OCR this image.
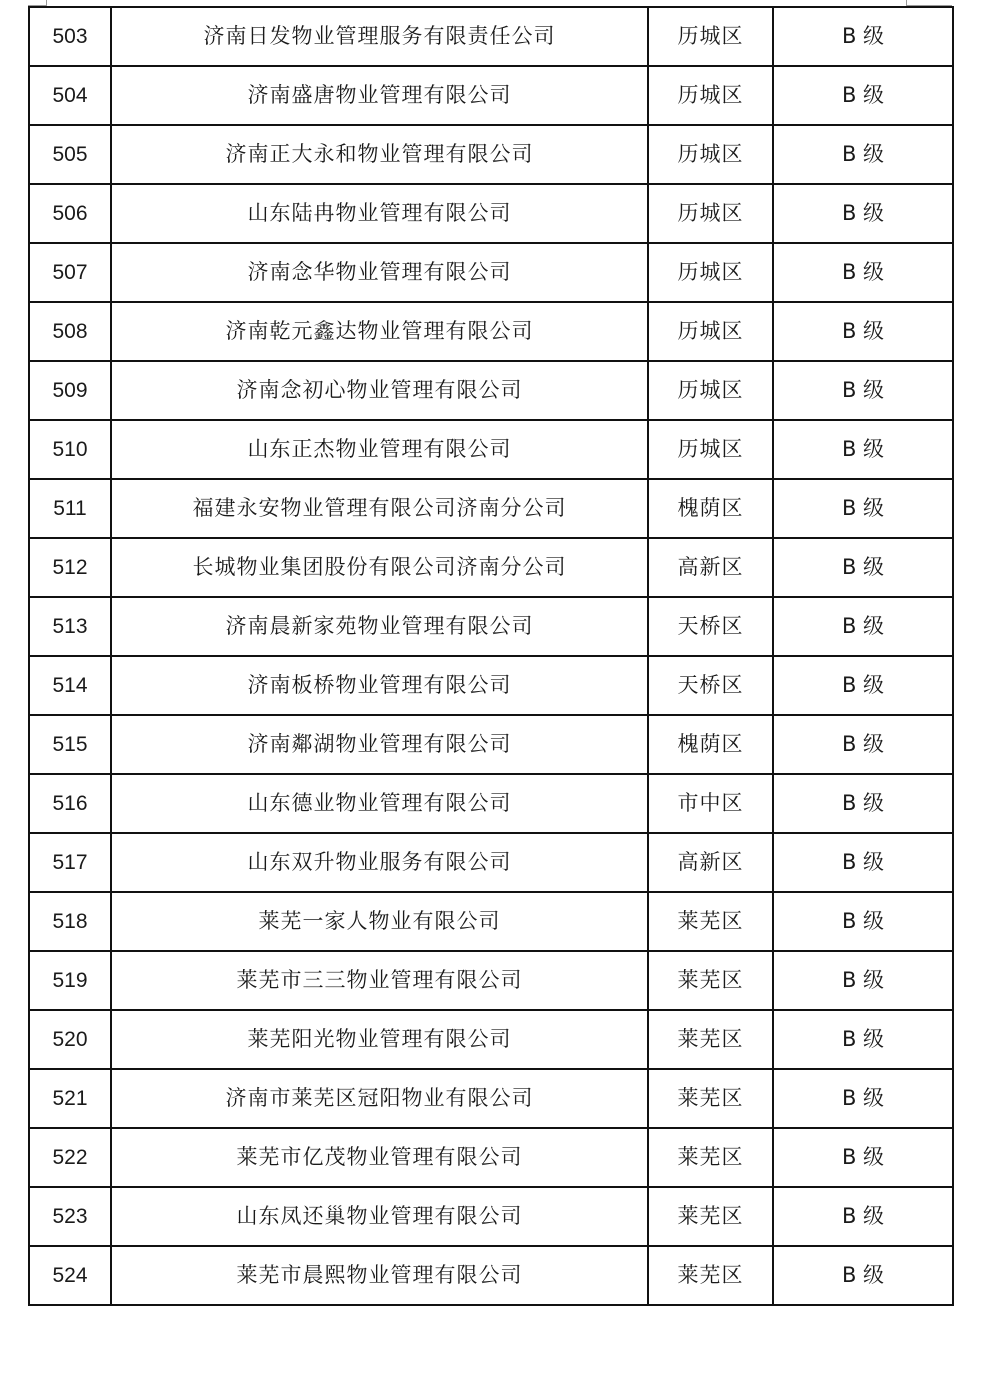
503	济南日发物业管理服务有限责任公司	历城区	B 级
504	济南盛唐物业管理有限公司	历城区	B 级
505	济南正大永和物业管理有限公司	历城区	B 级
506	山东陆冉物业管理有限公司	历城区	B 级
507	济南念华物业管理有限公司	历城区	B 级
508	济南乾元鑫达物业管理有限公司	历城区	B 级
509	济南念初心物业管理有限公司	历城区	B 级
510	山东正杰物业管理有限公司	历城区	B 级
511	福建永安物业管理有限公司济南分公司	槐荫区	B 级
512	长城物业集团股份有限公司济南分公司	高新区	B 级
513	济南晨新家苑物业管理有限公司	天桥区	B 级
514	济南板桥物业管理有限公司	天桥区	B 级
515	济南鄰湖物业管理有限公司	槐荫区	B 级
516	山东德业物业管理有限公司	市中区	B 级
517	山东双升物业服务有限公司	高新区	B 级
518	莱芜一家人物业有限公司	莱芜区	B 级
519	莱芜市三三物业管理有限公司	莱芜区	B 级
520	莱芜阳光物业管理有限公司	莱芜区	B 级
521	济南市莱芜区冠阳物业有限公司	莱芜区	B 级
522	莱芜市亿茂物业管理有限公司	莱芜区	B 级
523	山东凤还巢物业管理有限公司	莱芜区	B 级
524	莱芜市晨熙物业管理有限公司	莱芜区	B 级
